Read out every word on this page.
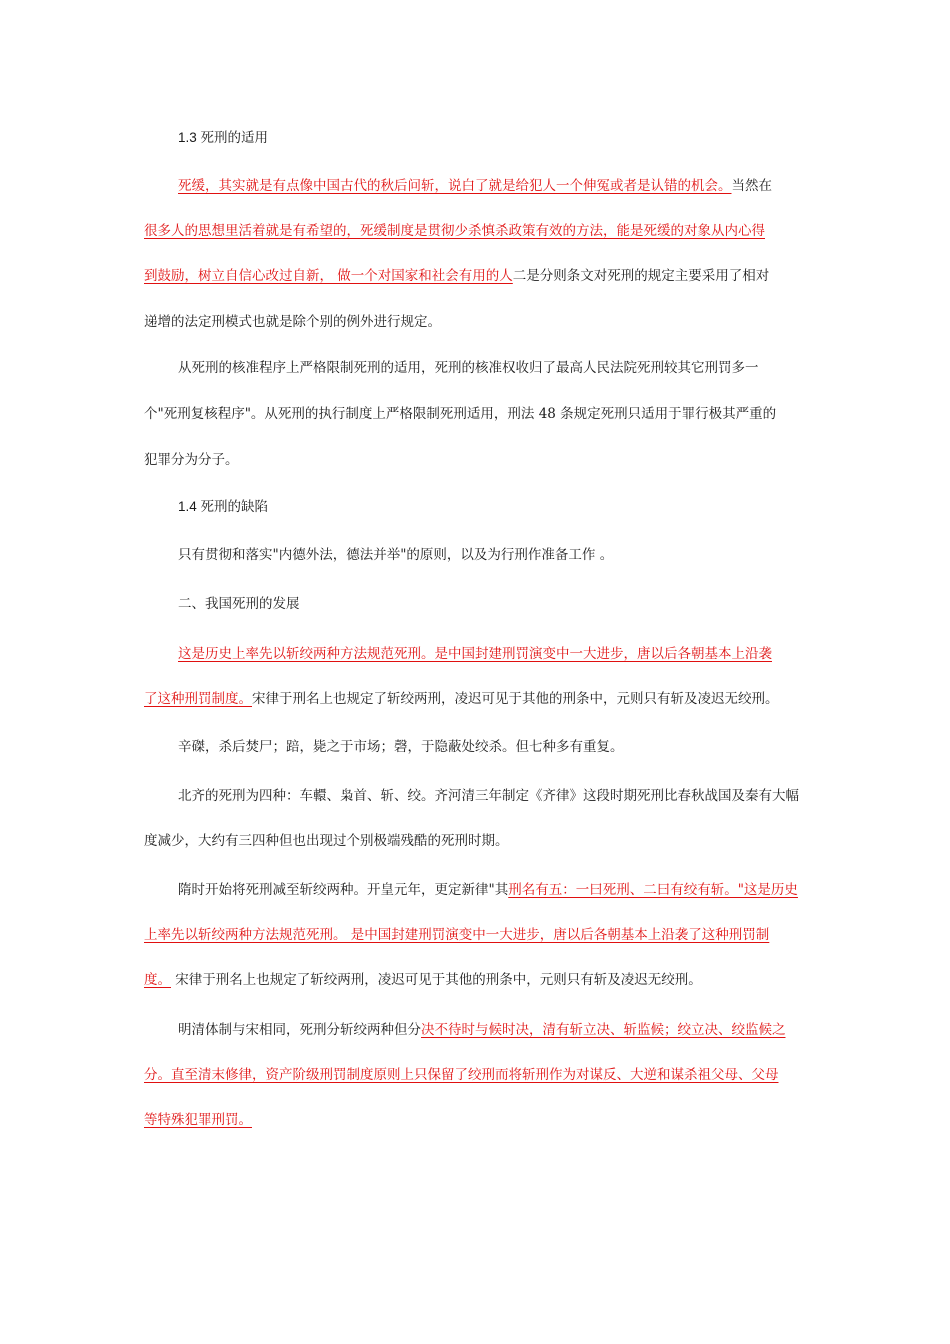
1.3 死刑的适用
死缓，其实就是有点像中国古代的秋后问斩，说白了就是给犯人一个伸冤或者是认错的机会。当然在
很多人的思想里活着就是有希望的，死缓制度是贯彻少杀慎杀政策有效的方法，能是死缓的对象从内心得
到鼓励，树立自信心改过自新， 做一个对国家和社会有用的人二是分则条文对死刑的规定主要采用了相对
递增的法定刑模式也就是除个别的例外进行规定。
从死刑的核准程序上严格限制死刑的适用，死刑的核准权收归了最高人民法院死刑较其它刑罚多一
个"死刑复核程序"。从死刑的执行制度上严格限制死刑适用，刑法 48 条规定死刑只适用于罪行极其严重的
犯罪分为分子。
1.4 死刑的缺陷
只有贯彻和落实"内德外法，德法并举"的原则，以及为行刑作准备工作 。
二、我国死刑的发展
这是历史上率先以斩绞两种方法规范死刑。是中国封建刑罚演变中一大进步，唐以后各朝基本上沿袭
了这种刑罚制度。宋律于刑名上也规定了斩绞两刑，凌迟可见于其他的刑条中，元则只有斩及凌迟无绞刑。
辛磔，杀后焚尸；踣，毙之于市场；磬，于隐蔽处绞杀。但七种多有重复。
北齐的死刑为四种：车轘、枭首、斩、绞。齐河清三年制定《齐律》这段时期死刑比春秋战国及秦有大幅
度减少，大约有三四种但也出现过个别极端残酷的死刑时期。
隋时开始将死刑减至斩绞两种。开皇元年，更定新律"其刑名有五：一曰死刑、二曰有绞有斩。"这是历史
上率先以斩绞两种方法规范死刑。 是中国封建刑罚演变中一大进步，唐以后各朝基本上沿袭了这种刑罚制
度。 宋律于刑名上也规定了斩绞两刑，凌迟可见于其他的刑条中，元则只有斩及凌迟无绞刑。
明清体制与宋相同，死刑分斩绞两种但分决不待时与候时决，清有斩立决、斩监候；绞立决、绞监候之
分。直至清末修律，资产阶级刑罚制度原则上只保留了绞刑而将斩刑作为对谋反、大逆和谋杀祖父母、父母
等特殊犯罪刑罚。
